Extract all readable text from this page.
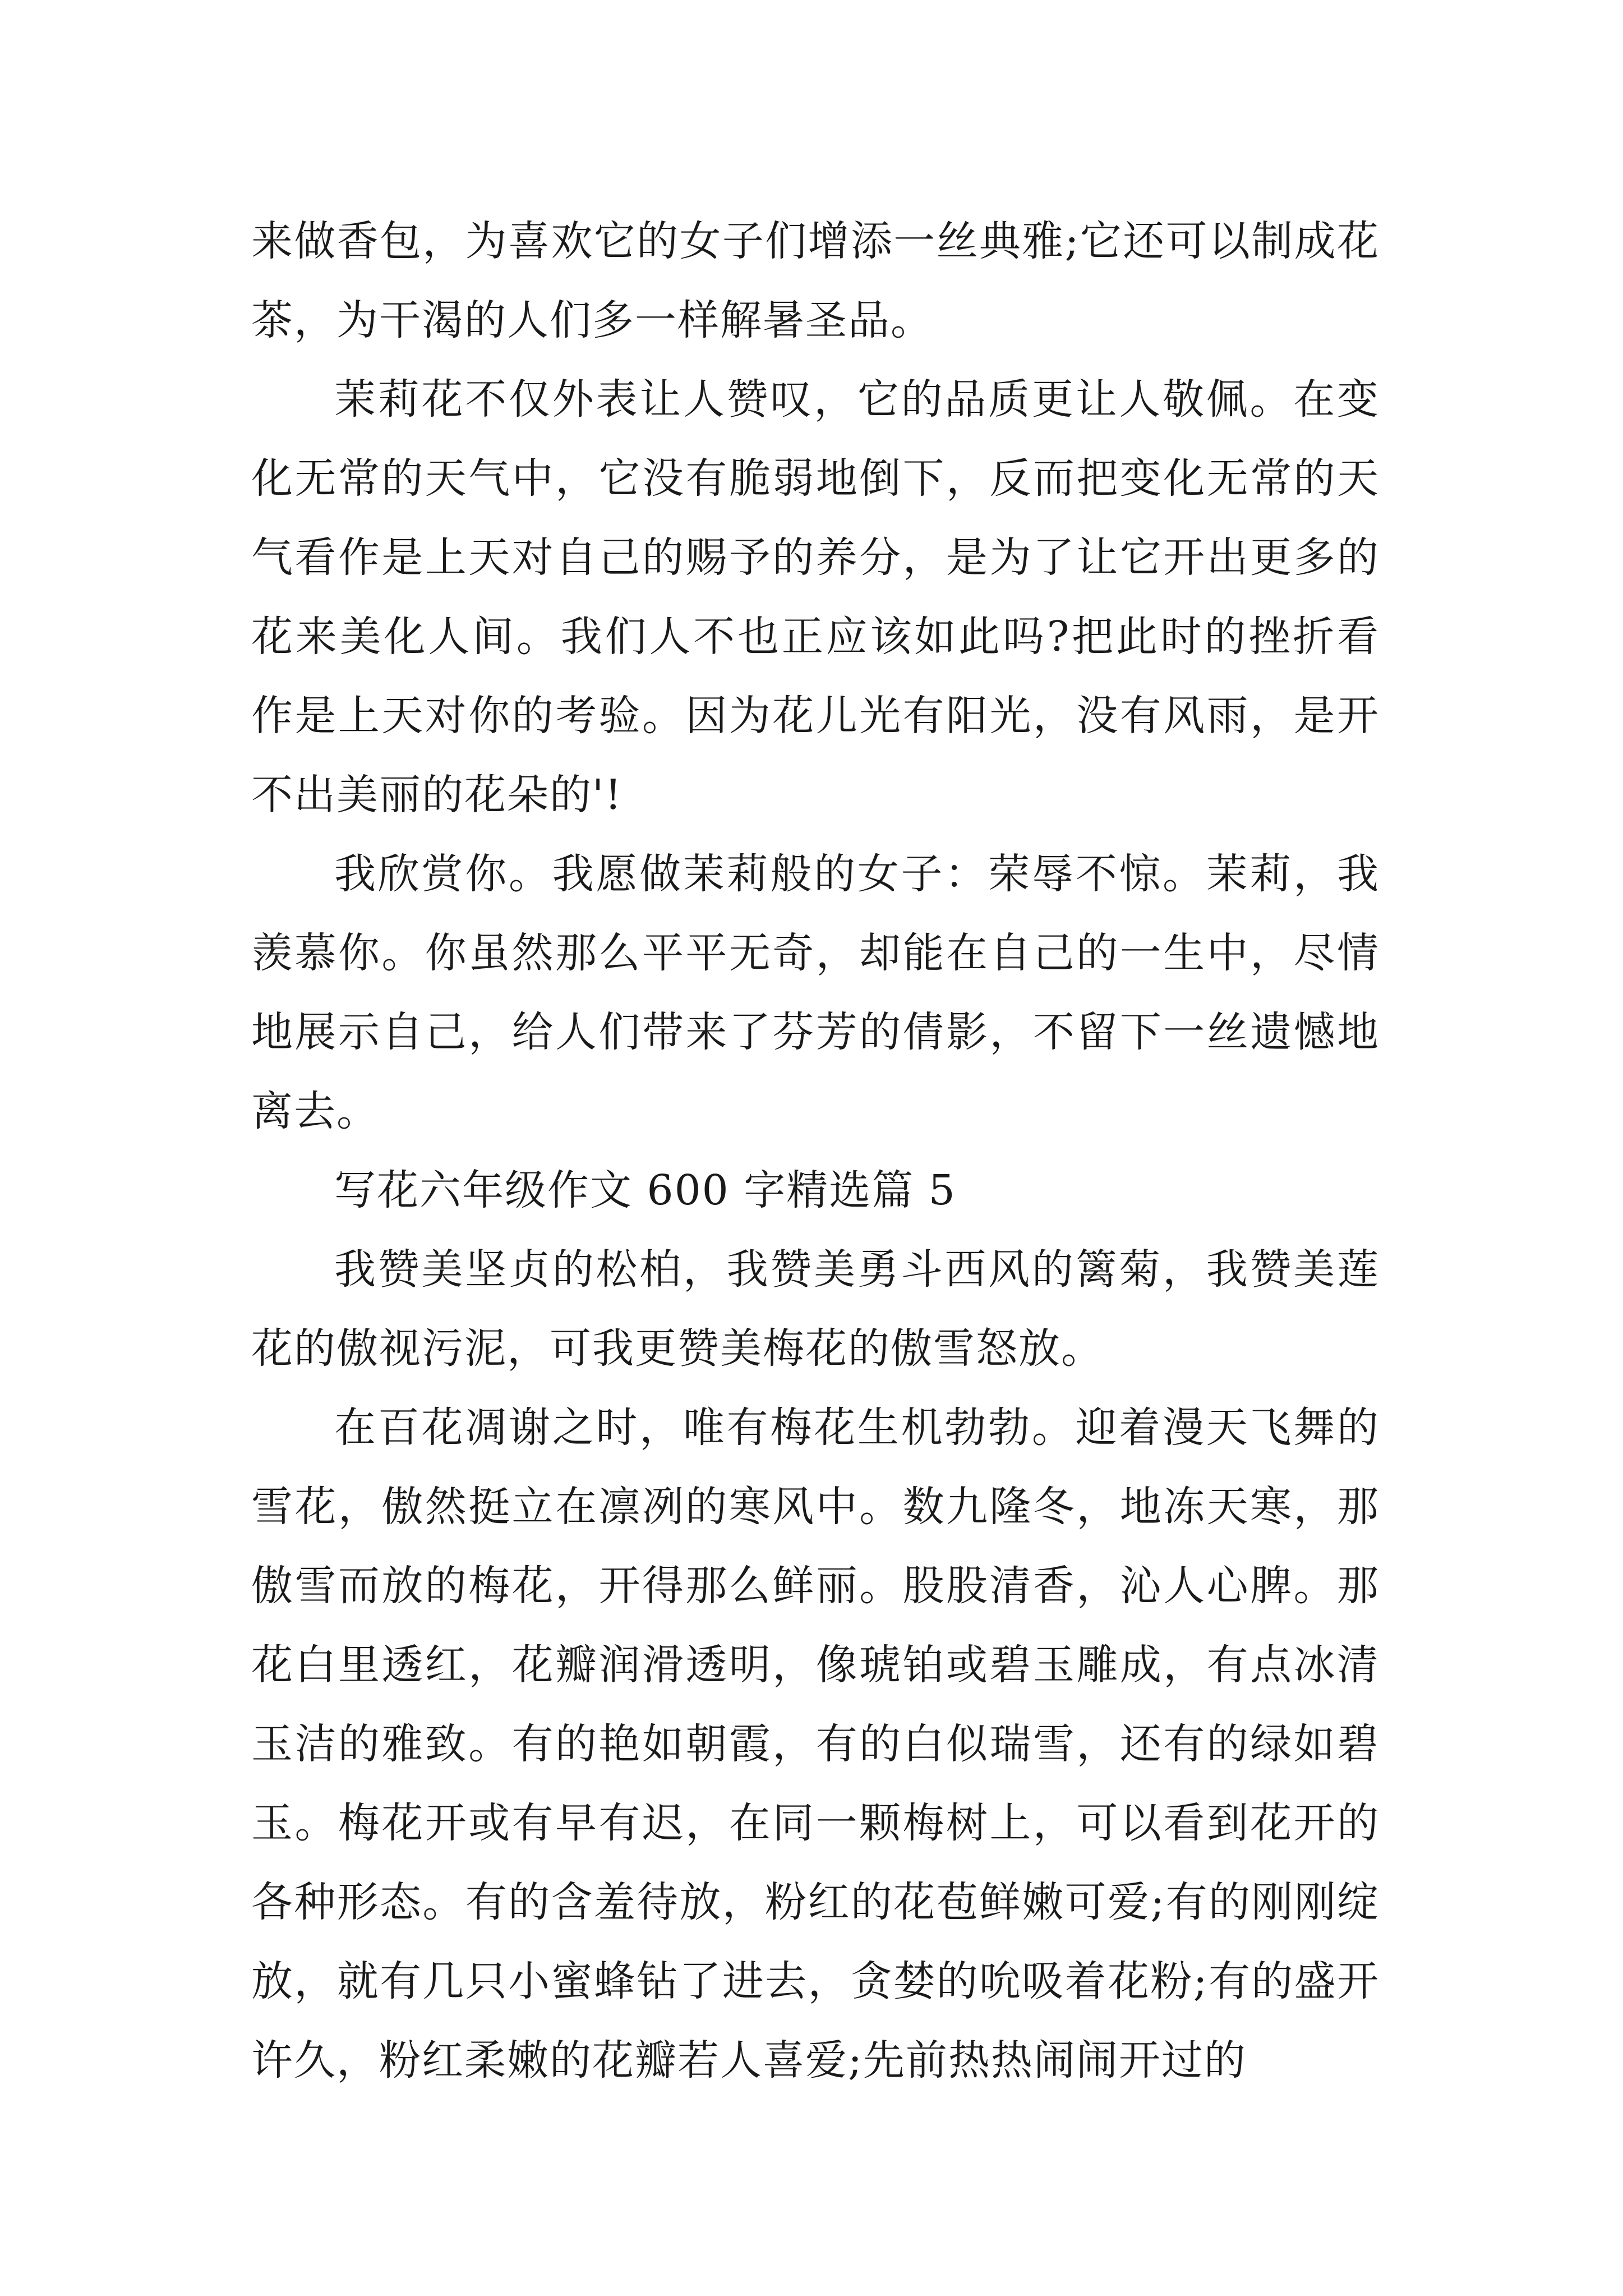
来做香包，为喜欢它的女子们增添一丝典雅;它还可以制成花茶，为干渴的人们多一样解暑圣品。

茉莉花不仅外表让人赞叹，它的品质更让人敬佩。在变化无常的天气中，它没有脆弱地倒下，反而把变化无常的天气看作是上天对自己的赐予的养分，是为了让它开出更多的花来美化人间。我们人不也正应该如此吗?把此时的挫折看作是上天对你的考验。因为花儿光有阳光，没有风雨，是开不出美丽的花朵的'!

我欣赏你。我愿做茉莉般的女子：荣辱不惊。茉莉，我羡慕你。你虽然那么平平无奇，却能在自己的一生中，尽情地展示自己，给人们带来了芬芳的倩影，不留下一丝遗憾地离去。

写花六年级作文 600 字精选篇 5

我赞美坚贞的松柏，我赞美勇斗西风的篱菊，我赞美莲花的傲视污泥，可我更赞美梅花的傲雪怒放。

在百花凋谢之时，唯有梅花生机勃勃。迎着漫天飞舞的雪花，傲然挺立在凛冽的寒风中。数九隆冬，地冻天寒，那傲雪而放的梅花，开得那么鲜丽。股股清香，沁人心脾。那花白里透红，花瓣润滑透明，像琥铂或碧玉雕成，有点冰清玉洁的雅致。有的艳如朝霞，有的白似瑞雪，还有的绿如碧玉。梅花开或有早有迟，在同一颗梅树上，可以看到花开的各种形态。有的含羞待放，粉红的花苞鲜嫩可爱;有的刚刚绽放，就有几只小蜜蜂钻了进去，贪婪的吮吸着花粉;有的盛开许久，粉红柔嫩的花瓣若人喜爱;先前热热闹闹开过的
